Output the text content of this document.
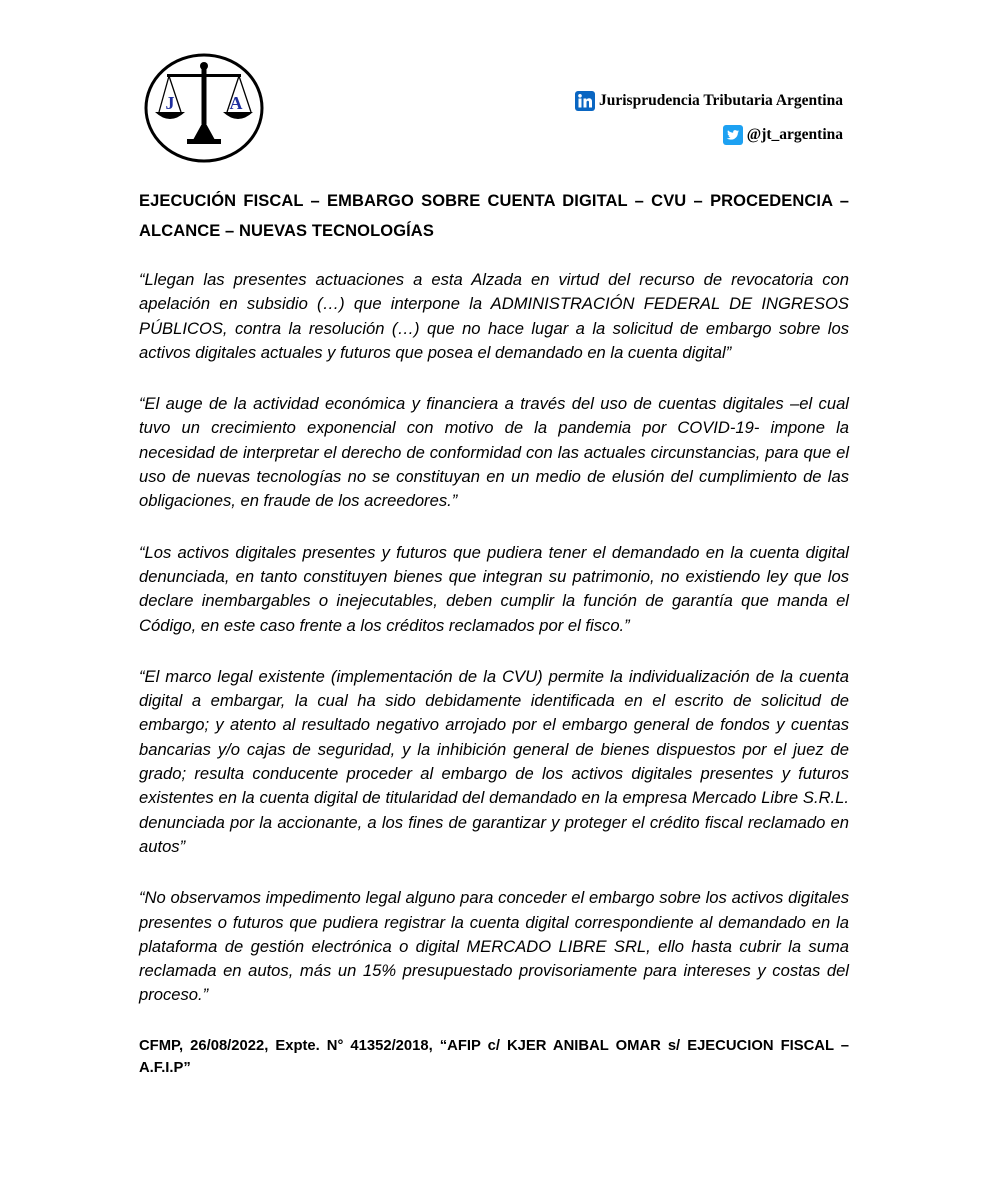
J	A	Jurisprudencia Tributaria Argentina
@jt_argentina

EJECUCIÓN FISCAL – EMBARGO SOBRE CUENTA DIGITAL – CVU – PROCEDENCIA – ALCANCE – NUEVAS TECNOLOGÍAS

“Llegan las presentes actuaciones a esta Alzada en virtud del recurso de revocatoria con apelación en subsidio (…) que interpone la ADMINISTRACIÓN FEDERAL DE INGRESOS PÚBLICOS, contra la resolución (…) que no hace lugar a la solicitud de embargo sobre los activos digitales actuales y futuros que posea el demandado en la cuenta digital”

“El auge de la actividad económica y financiera a través del uso de cuentas digitales –el cual tuvo un crecimiento exponencial con motivo de la pandemia por COVID-19- impone la necesidad de interpretar el derecho de conformidad con las actuales circunstancias, para que el uso de nuevas tecnologías no se constituyan en un medio de elusión del cumplimiento de las obligaciones, en fraude de los acreedores.”

“Los activos digitales presentes y futuros que pudiera tener el demandado en la cuenta digital denunciada, en tanto constituyen bienes que integran su patrimonio, no existiendo ley que los declare inembargables o inejecutables, deben cumplir la función de garantía que manda el Código, en este caso frente a los créditos reclamados por el fisco.”

“El marco legal existente (implementación de la CVU) permite la individualización de la cuenta digital a embargar, la cual ha sido debidamente identificada en el escrito de solicitud de embargo; y atento al resultado negativo arrojado por el embargo general de fondos y cuentas bancarias y/o cajas de seguridad, y la inhibición general de bienes dispuestos por el juez de grado; resulta conducente proceder al embargo de los activos digitales presentes y futuros existentes en la cuenta digital de titularidad del demandado en la empresa Mercado Libre S.R.L. denunciada por la accionante, a los fines de garantizar y proteger el crédito fiscal reclamado en autos”

“No observamos impedimento legal alguno para conceder el embargo sobre los activos digitales presentes o futuros que pudiera registrar la cuenta digital correspondiente al demandado en la plataforma de gestión electrónica o digital MERCADO LIBRE SRL, ello hasta cubrir la suma reclamada en autos, más un 15% presupuestado provisoriamente para intereses y costas del proceso.”

CFMP, 26/08/2022, Expte. N° 41352/2018, “AFIP c/ KJER ANIBAL OMAR s/ EJECUCION FISCAL – A.F.I.P”
